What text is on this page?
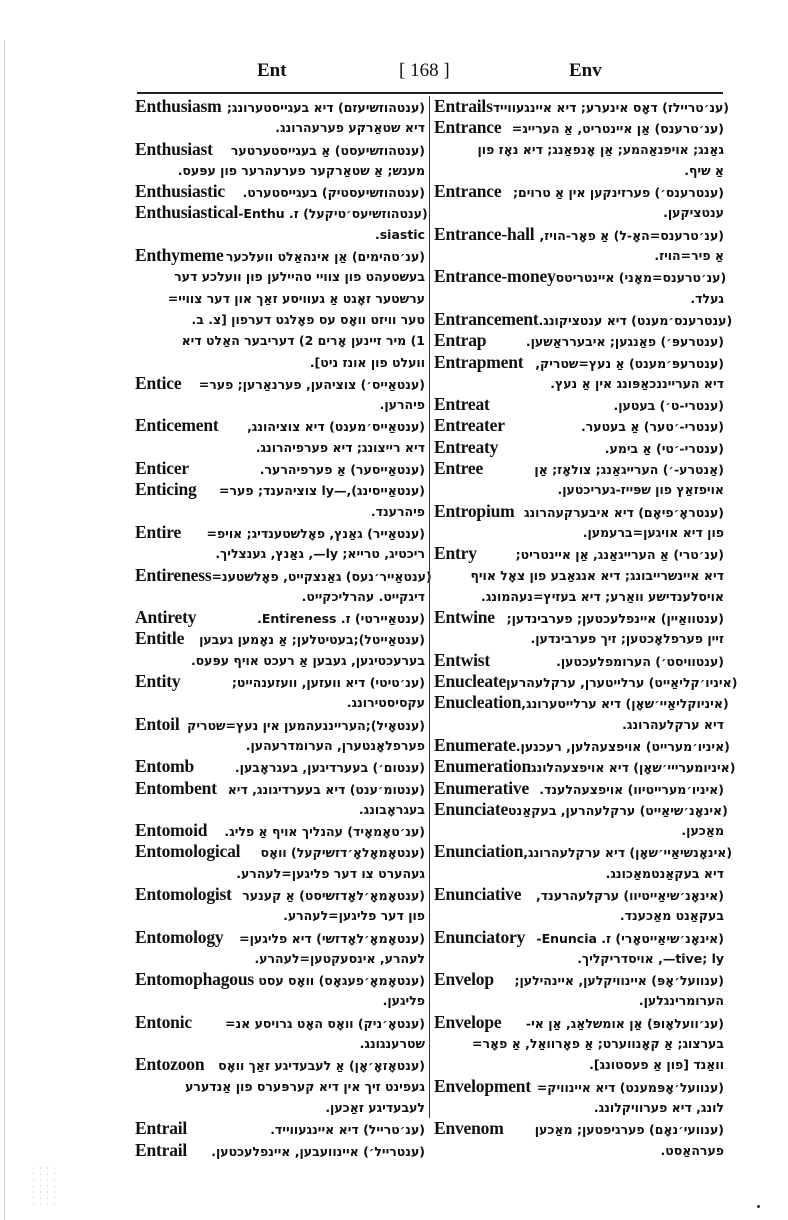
Ent	[ 168 ]	Env
Enthusiasm (ענטהוזשיעזם) דיא בעגייסטערונג;
דיא שטאַרקע פערעהרונג.
Enthusiast	(ענטהוזשיעסט) אַ בעגייסטערטער
מענש; אַ שטאַרקער פערעהרער פון עפּעס.
Enthusiastic	(ענטהוזשיעסטיק) בעגייסטערט.
Enthusiastical (ענטהוזשיעס׳טיקעל) ז. Enthu-
siastic.
Enthymeme (ענ׳טהימים) אַן אינהאַלט וועלכער
בעשטעהט פון צוויי טהיילען פון וועלכע דער
ערשטער זאָגט אַ געוויסע זאַך און דער צוויי=
טער וויזט וואָס עס פאָלגט דערפון [צ. ב.
1) מיר זיינען אָרים 2) דעריבער האַלט דיא
וועלט פון אונז ניט].
Entice	(ענטאַייס׳) צוציהען, פערנאַרען; פער=
פיהרען.
Enticement	(ענטאַייס׳מענט) דיא צוציהונג,
דיא רייצונג; דיא פערפיהרונג.
Enticer	(ענטאַייסער) אַ פערפיהרער.
Enticing	(ענטאַייסינג),—ly צוציהענד; פער=
פיהרענד.
Entire	(ענטאַייר) גאַנץ, פאָלשטענדיג; אויפ=
ריכטיג, טרייא; ly—, גאַנץ, גענצליך.
Entireness (ענטאַייר׳נעס) גאַנצקייט, פאָלשטענ=
דיגקייט. עהרליכקייט.
Antirety	(ענטאַיירטי) ז. Entireness.
Entitle	(ענטאַייטל);בעטיטלען; אַ נאָמען געבען
בערעכטיגען, געבען אַ רעכט אויף עפּעס.
Entity	(ענ׳טיטי) דיא וועזען, וועזענהייט;
עקסיסטירונג.
Entoil (ענטאָיל);הערייננעהמען אין נעץ=שטריק
פערפלאָנטערן, הערומדרעהען.
Entomb	(ענטום׳) בעערדיגען, בעגראָבען.
Entombent (ענטומ׳ענט) דיא בעערדיגונג, דיא
בעגראָבונג.
Entomoid	(ענ׳טאָמאָיד) עהנליך אויף אַ פליג.
Entomological	(ענטאָמאָלאָ׳דזשיקעל) וואָס
געהערט צו דער פליגען=לעהרע.
Entomologist (ענטאָמאָ׳לאָדזשיסט) אַ קענער
פון דער פליגען=לעהרע.
Entomology	(ענטאָמאָ׳לאָדזשי) דיא פליגען=
לעהרע, אינסעקטען=לעהרע.
Entomophagous (ענטאָמאָ׳פעגאָס) וואָס עסט
פליגען.
Entonic	(ענטאָ׳ניק) וואָס האָט גרויסע אנ=
שטרענגונג.
Entozoon	(ענטאָזאָ׳אָן) אַ לעבעדיגע זאַך וואָס
געפינט זיך אין דיא קערפּערס פון אַנדערע
לעבעדיגע זאַכען.
Entrail	(ענ׳טרייל) דיא איינגעווייד.
Entrail	(ענטרייל׳) איינוועבען, איינפלעכטען.
Entrails (ענ׳טריילז) דאָס אינערע; דיא איינגעווייד
Entrance (ענ׳טרענס) אַן איינטריט, אַ הערייג=
גאַנג; אויפנאַהמע; אַן אָנפאַנג; דיא נאָז פון
אַ שיף.
Entrance (ענטרענס׳) פערזינקען אין אַ טרוים;
ענטציקען.
Entrance-hall (ענ׳טרענס=האָ-ל) אַ פאָר-הויז,
אַ פיר=הויז.
Entrance-money (ענ׳טרענס=מאָני) איינטריטס
געלד.
Entrancement (ענטרענס׳מענט) דיא ענטציקונג.
Entrap	(ענטרעפּ׳) פאַנגען; איבערראַשען.
Entrapment (ענטרעפּ׳מענט) אַ נעץ=שטריק,
דיא הערייננכאַפּונג אין אַ נעץ.
Entreat	(ענטרי-ט׳) בעטען.
Entreater	(ענטרי-׳טער) אַ בעטער.
Entreaty	(ענטרי-׳טי) אַ בימע.
Entree	(אַנטרע-׳) הערייגאַנג; צולאָז; אַן
אויפזאַץ פון שפּייז-געריכטען.
Entropium (ענטראָ׳פיאָם) דיא איבערקעהרונג
פון דיא אויגען=ברעמען.
Entry	(ענ׳טרי) אַ הערייגאַנג, אַן איינטריט;
דיא איינשרייבונג; דיא אנגאַבע פון צאָל אויף
אויסלענדישע וואַרע; דיא בעזיץ=נעהמונג.
Entwine (ענטוואַיין) איינפלעכטען; פערבינדען;
זיין פערפלאָכטען; זיך פערבינדען.
Entwist	(ענטוויסט׳) הערומפלעכטען.
Enucleate (איניו׳קליאַייט) ערלייטערן, ערקלעהרען
Enucleation (איניוקליאַיי׳שאָן) דיא ערלייטערונג,
דיא ערקלעהרונג.
Enumerate (איניו׳מערייט) אויפצעהלען, רעכנען.
Enumeration (איניומערייי׳שאָן) דיא אויפצעהלונג
Enumerative (איניו׳מערייטיוו) אויפצעהלענד.
Enunciate (אינאָנ׳שיאַייט) ערקלעהרען, בעקאַנט
מאַכען.
Enunciation (אינאָנשיאַיי׳שאָן) דיא ערקלעהרונג,
דיא בעקאַנטמאַכונג.
Enunciative	(אינאָנ׳שיאַייטיוו) ערקלעהרענד,
בעקאַנט מאַכענד.
Enunciatory (אינאָנ׳שיאַייטאָרי) ז. Enuncia-
tive; ly—, אויסדריקליך.
Envelop	(ענוועל׳אָפּ) איינוויקלען, איינהילען;
הערומרינגלען.
Envelope	(ענ׳וועלאָופּ) אַן אומשלאַג, אַן אי-
בערצוג; אַ קאָנווערט; אַ פאָרוואַל, אַ פאָר=
וואַנד [פון אַ פעסטונג].
Envelopment (ענוועל׳אָפּמענט) דיא איינוויק=
לונג, דיא פערוויקלונג.
Envenom	(ענוועי׳נאָם) פערגיפטען; מאַכען
פערהאַסט.
